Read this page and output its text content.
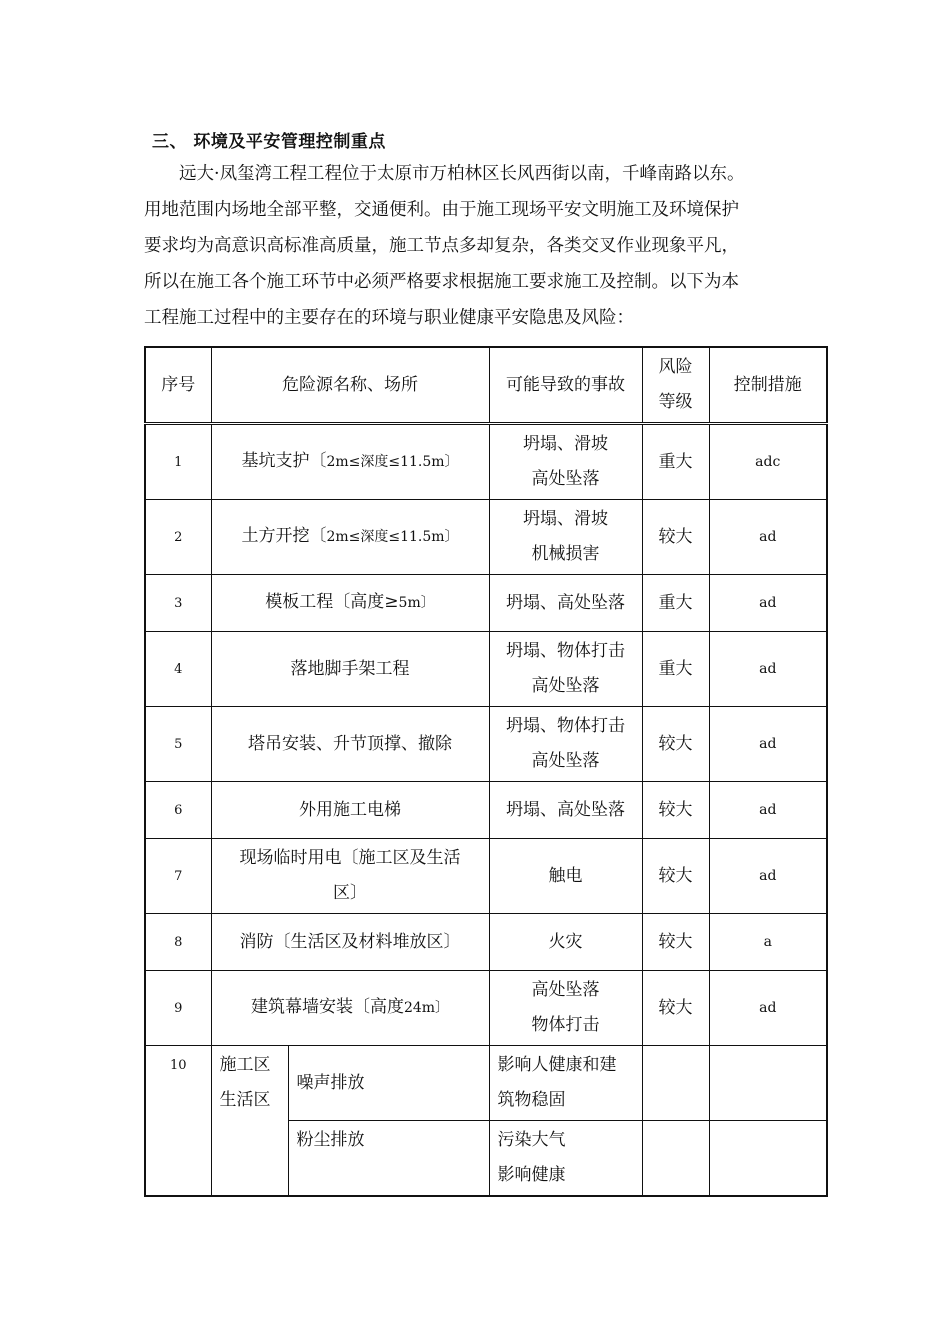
三、 环境及平安管理控制重点
远大·凤玺湾工程工程位于太原市万柏林区长风西街以南，千峰南路以东。
用地范围内场地全部平整，交通便利。由于施工现场平安文明施工及环境保护
要求均为高意识高标准高质量，施工节点多却复杂，各类交叉作业现象平凡，
所以在施工各个施工环节中必须严格要求根据施工要求施工及控制。以下为本
工程施工过程中的主要存在的环境与职业健康平安隐患及风险：
序号	危险源名称、场所		可能导致的事故	风险
等级	控制措施
1	基坑支护〔2m≤深度≤11.5m〕		坍塌、滑坡
高处坠落	重大	adc
2	土方开挖〔2m≤深度≤11.5m〕		坍塌、滑坡
机械损害	较大	ad
3	模板工程〔高度≥5m〕		坍塌、高处坠落	重大	ad
4	落地脚手架工程		坍塌、物体打击
高处坠落	重大	ad
5	塔吊安装、升节顶撑、撤除		坍塌、物体打击
高处坠落	较大	ad
6	外用施工电梯		坍塌、高处坠落	较大	ad
7	现场临时用电〔施工区及生活
区〕		触电	较大	ad
8	消防〔生活区及材料堆放区〕		火灾	较大	a
9	建筑幕墙安装〔高度24m〕		高处坠落
物体打击	较大	ad
10	施工区
生活区	噪声排放	影响人健康和建
筑物稳固		

		粉尘排放	污染大气
影响健康		
